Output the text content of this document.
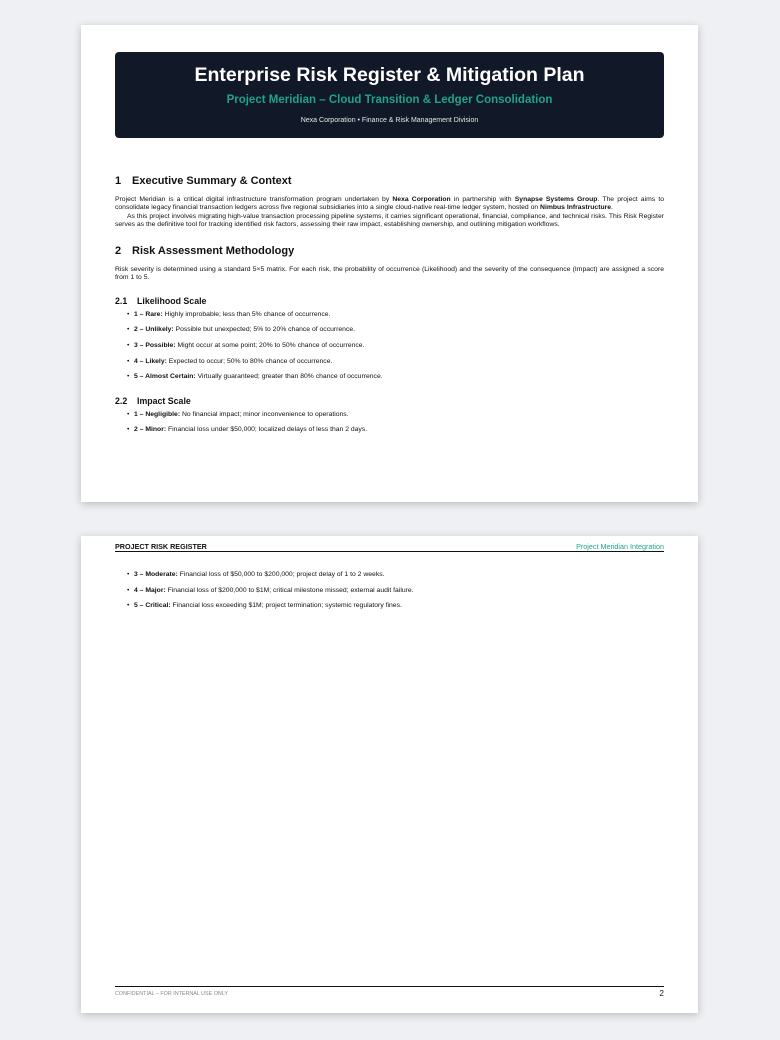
Enterprise Risk Register & Mitigation Plan
Project Meridian – Cloud Transition & Ledger Consolidation
Nexa Corporation • Finance & Risk Management Division
1 Executive Summary & Context

Project Meridian is a critical digital infrastructure transformation program undertaken by Nexa Corporation in partnership with Synapse Systems Group. The project aims to consolidate legacy financial transaction ledgers across five regional subsidiaries into a single cloud-native real-time ledger system, hosted on Nimbus Infrastructure.

As this project involves migrating high-value transaction processing pipeline systems, it carries significant operational, financial, compliance, and technical risks. This Risk Register serves as the definitive tool for tracking identified risk factors, assessing their raw impact, establishing ownership, and outlining mitigation workflows.

2 Risk Assessment Methodology

Risk severity is determined using a standard 5×5 matrix. For each risk, the probability of occurrence (Likelihood) and the severity of the consequence (Impact) are assigned a score from 1 to 5.

2.1 Likelihood Scale
• 1 – Rare: Highly improbable; less than 5% chance of occurrence.
• 2 – Unlikely: Possible but unexpected; 5% to 20% chance of occurrence.
• 3 – Possible: Might occur at some point; 20% to 50% chance of occurrence.
• 4 – Likely: Expected to occur; 50% to 80% chance of occurrence.
• 5 – Almost Certain: Virtually guaranteed; greater than 80% chance of occurrence.
2.2 Impact Scale
• 1 – Negligible: No financial impact; minor inconvenience to operations.
• 2 – Minor: Financial loss under $50,000; localized delays of less than 2 days.
PROJECT RISK REGISTER	Project Meridian Integration
• 3 – Moderate: Financial loss of $50,000 to $200,000; project delay of 1 to 2 weeks.
• 4 – Major: Financial loss of $200,000 to $1M; critical milestone missed; external audit failure.
• 5 – Critical: Financial loss exceeding $1M; project termination; systemic regulatory fines.
CONFIDENTIAL – FOR INTERNAL USE ONLY	2
